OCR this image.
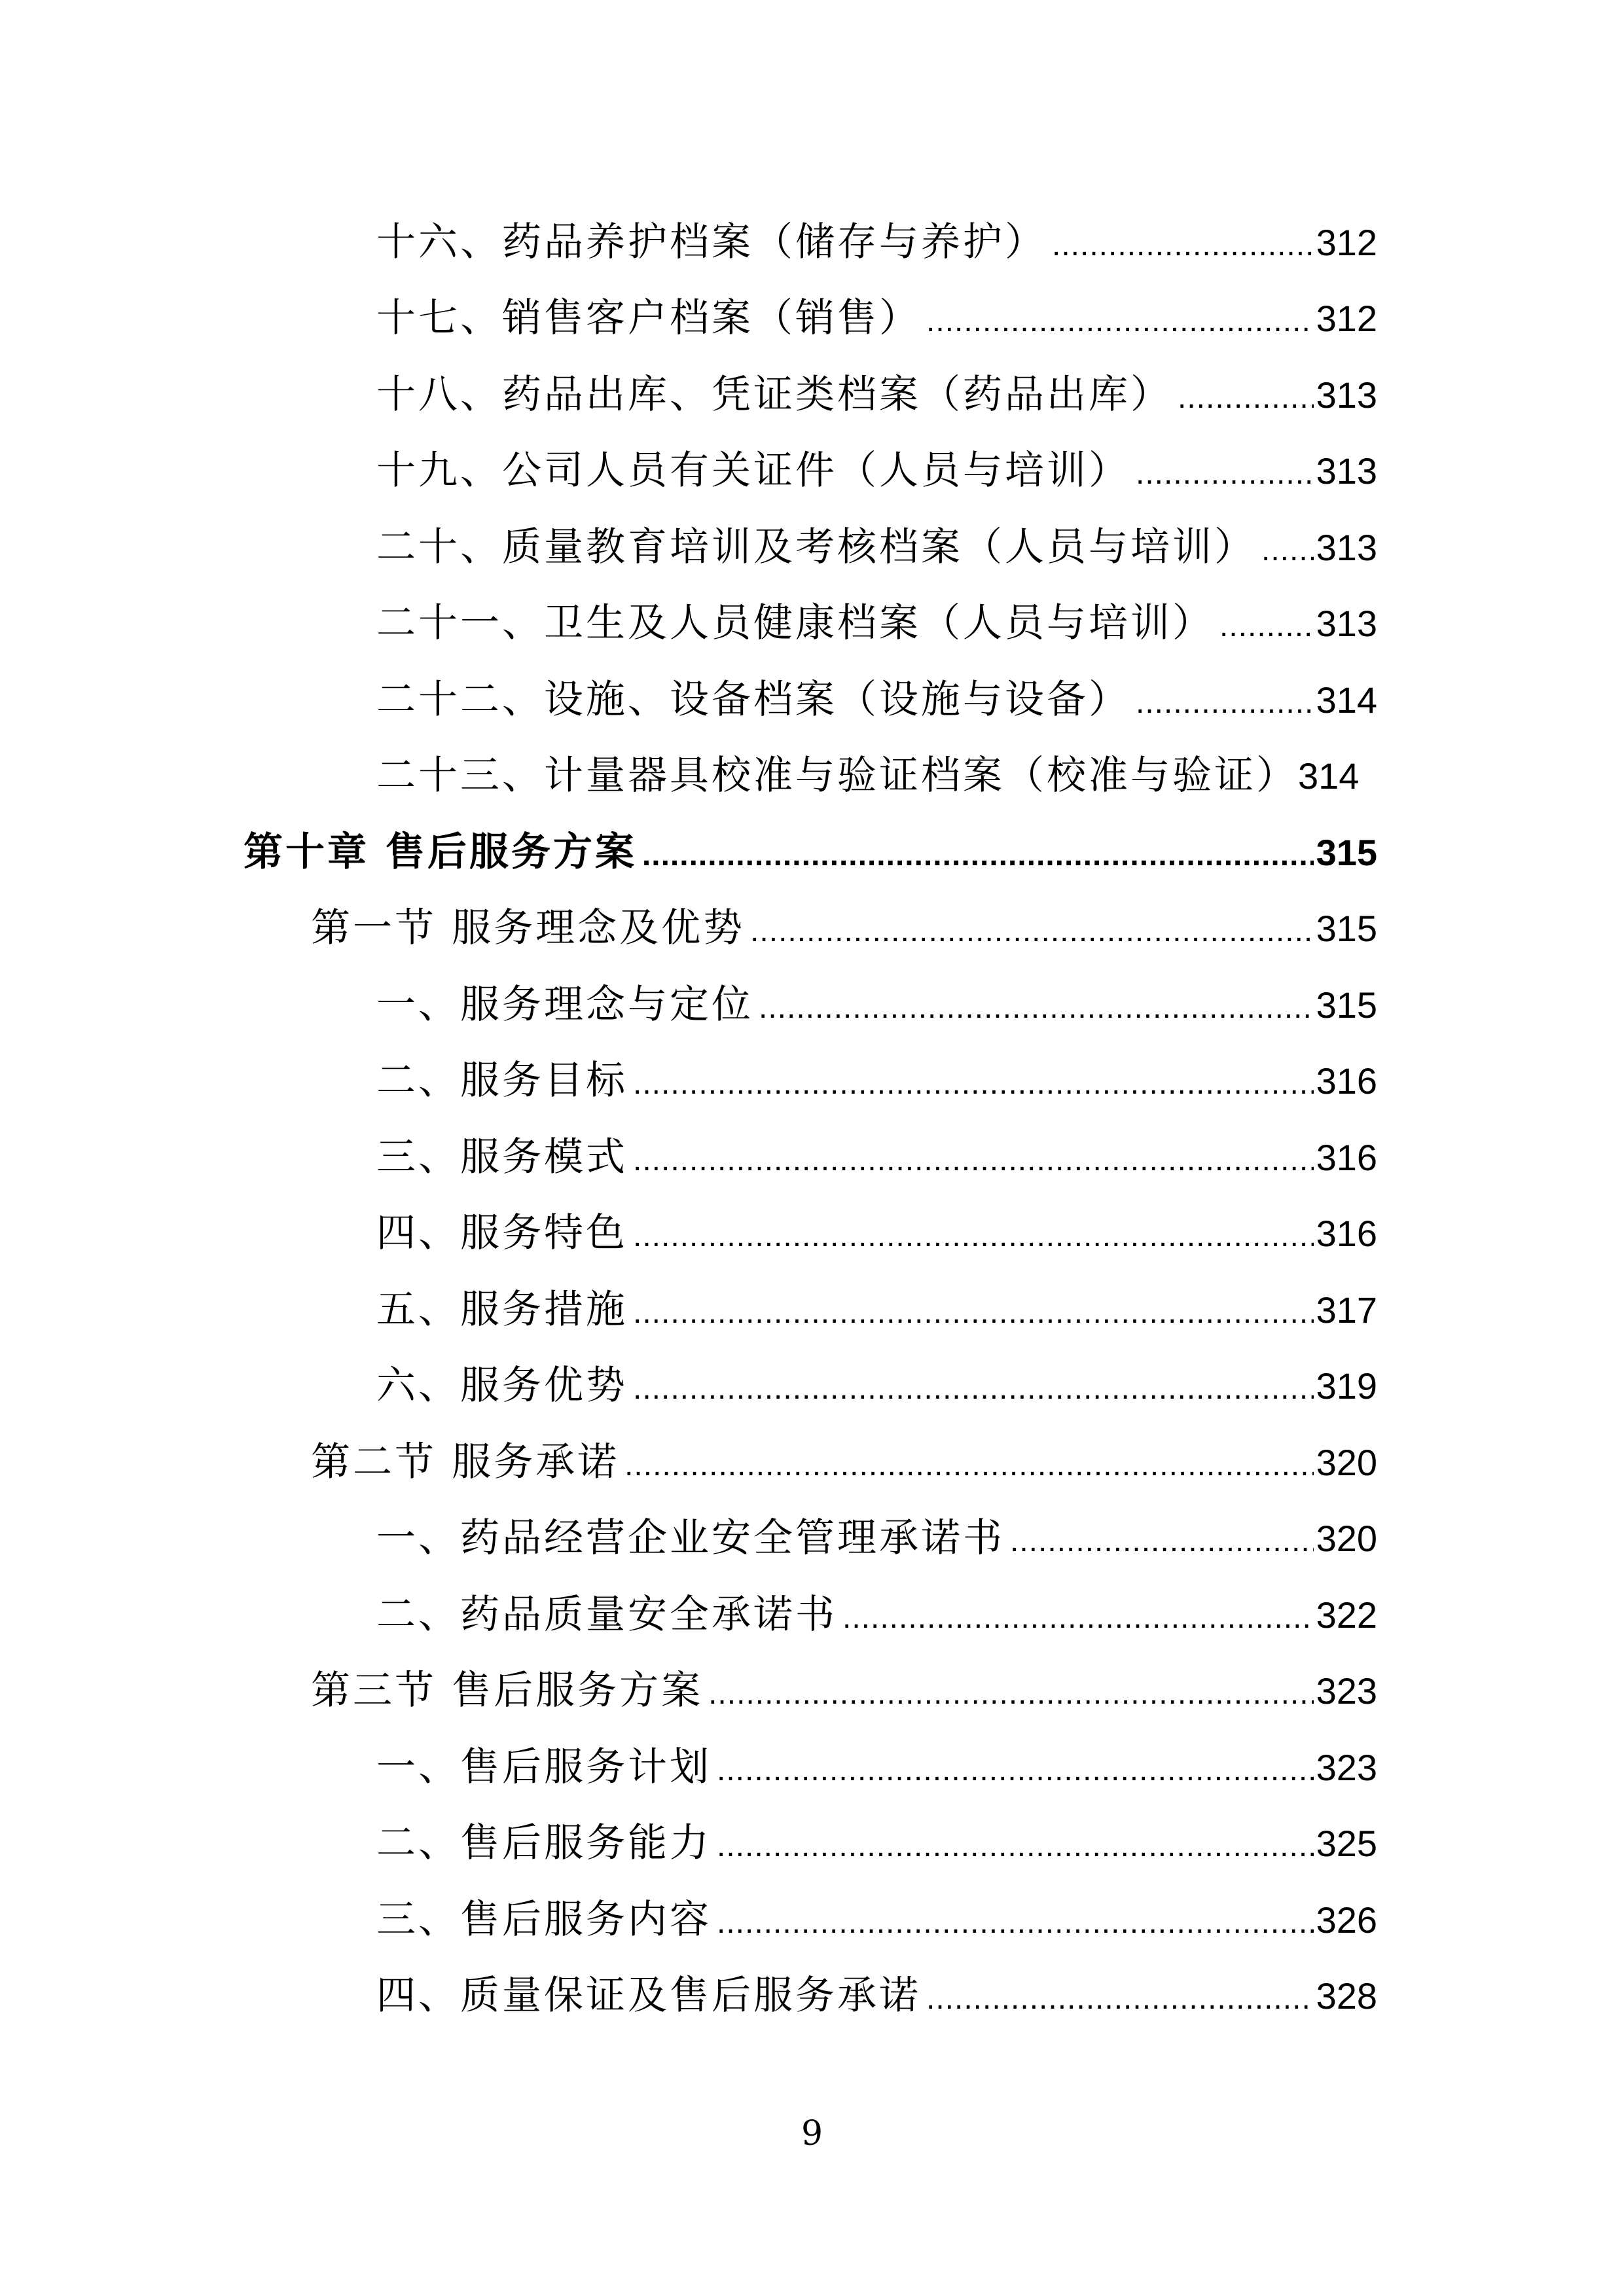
十六、药品养护档案（储存与养护） .....	312
十七、销售客户档案（销售） .....	312
十八、药品出库、凭证类档案（药品出库） .....	313
十九、公司人员有关证件（人员与培训） .....	313
二十、质量教育培训及考核档案（人员与培训） ..... 313
二十一、卫生及人员健康档案（人员与培训） .....	313
二十二、设施、设备档案（设施与设备） .....	314
二十三、计量器具校准与验证档案（校准与验证） 314
第十章 售后服务方案 .....	315
第一节 服务理念及优势 .....	315
一、服务理念与定位 .....	315
二、服务目标 .....	316
三、服务模式 .....	316
四、服务特色 .....	316
五、服务措施 .....	317
六、服务优势 .....	319
第二节 服务承诺 .....	320
一、药品经营企业安全管理承诺书 .....	320
二、药品质量安全承诺书 .....	322
第三节 售后服务方案 .....	323
一、售后服务计划 .....	323
二、售后服务能力 .....	325
三、售后服务内容 .....	326
四、质量保证及售后服务承诺 .....	328
9
